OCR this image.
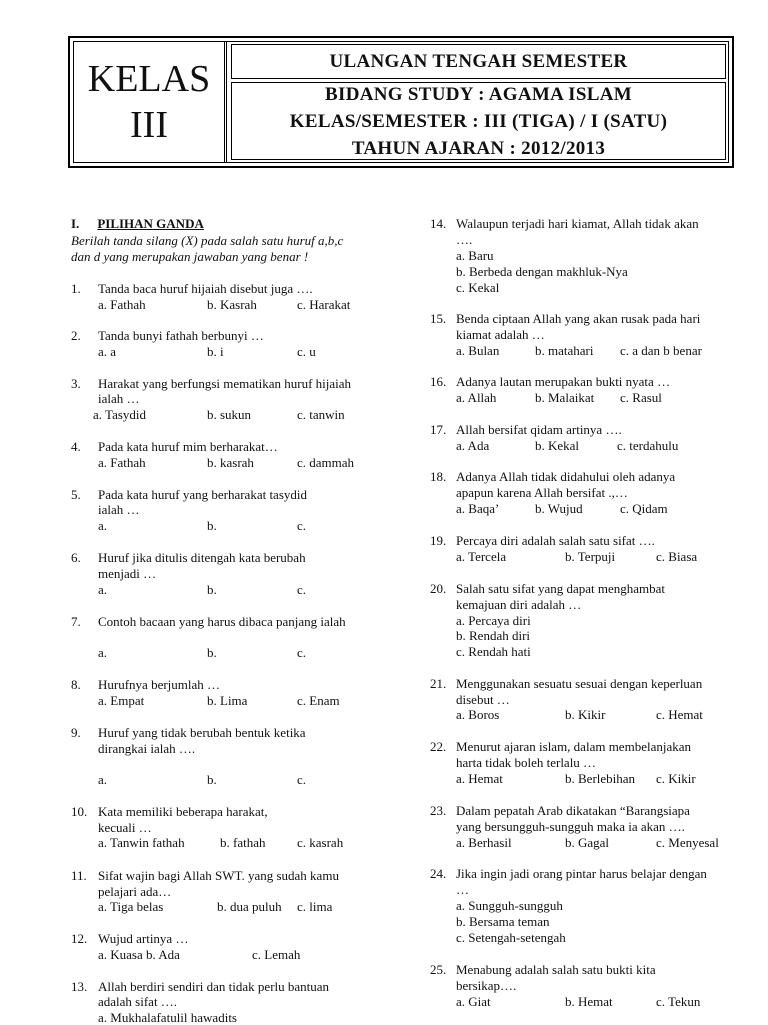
KELAS
III
ULANGAN TENGAH SEMESTER
BIDANG STUDY : AGAMA ISLAM
KELAS/SEMESTER : III (TIGA) / I (SATU)
TAHUN AJARAN : 2012/2013
I. PILIHAN GANDA
Berilah tanda silang (X) pada salah satu huruf a,b,c
dan d yang merupakan jawaban yang benar !
1. Tanda baca huruf hijaiah disebut juga ….
a. Fathah	b. Kasrah	c. Harakat
2. Tanda bunyi fathah berbunyi …
a. a	b. i	c. u
3. Harakat yang berfungsi mematikan huruf hijaiah
ialah …
a. Tasydid	b. sukun	c. tanwin
4. Pada kata huruf mim berharakat…
a. Fathah	b. kasrah	c. dammah
5. Pada kata huruf yang berharakat tasydid
ialah …
a.	b.	c.
6. Huruf jika ditulis ditengah kata berubah
menjadi …
a.	b.	c.
7. Contoh bacaan yang harus dibaca panjang ialah
a.	b.	c.
8. Hurufnya berjumlah …
a. Empat	b. Lima	c. Enam
9. Huruf yang tidak berubah bentuk ketika
dirangkai ialah ….
a.	b.	c.
10. Kata memiliki beberapa harakat,
kecuali …
a. Tanwin fathah	b. fathah c. kasrah
11. Sifat wajin bagi Allah SWT. yang sudah kamu
pelajari ada…
a. Tiga belas	b. dua puluh c. lima
12. Wujud artinya …
a. Kuasa b. Ada	c. Lemah
13. Allah berdiri sendiri dan tidak perlu bantuan
adalah sifat ….
a. Mukhalafatulil hawadits
14. Walaupun terjadi hari kiamat, Allah tidak akan
….
a. Baru
b. Berbeda dengan makhluk-Nya
c. Kekal
15. Benda ciptaan Allah yang akan rusak pada hari
kiamat adalah …
a. Bulan	b. matahari c. a dan b benar
16. Adanya lautan merupakan bukti nyata …
a. Allah	b. Malaikat c. Rasul
17. Allah bersifat qidam artinya ….
a. Ada	b. Kekal	c. terdahulu
18. Adanya Allah tidak didahului oleh adanya
apapun karena Allah bersifat .,…
a. Baqa’	b. Wujud	c. Qidam
19. Percaya diri adalah salah satu sifat ….
a. Tercela	b. Terpuji	c. Biasa
20. Salah satu sifat yang dapat menghambat
kemajuan diri adalah …
a. Percaya diri
b. Rendah diri
c. Rendah hati
21. Menggunakan sesuatu sesuai dengan keperluan
disebut …
a. Boros	b. Kikir	c. Hemat
22. Menurut ajaran islam, dalam membelanjakan
harta tidak boleh terlalu …
a. Hemat	b. Berlebihan c. Kikir
23. Dalam pepatah Arab dikatakan “Barangsiapa
yang bersungguh-sungguh maka ia akan ….
a. Berhasil	b. Gagal	c. Menyesal
24. Jika ingin jadi orang pintar harus belajar dengan
…
a. Sungguh-sungguh
b. Bersama teman
c. Setengah-setengah
25. Menabung adalah salah satu bukti kita
bersikap….
a. Giat	b. Hemat	c. Tekun
